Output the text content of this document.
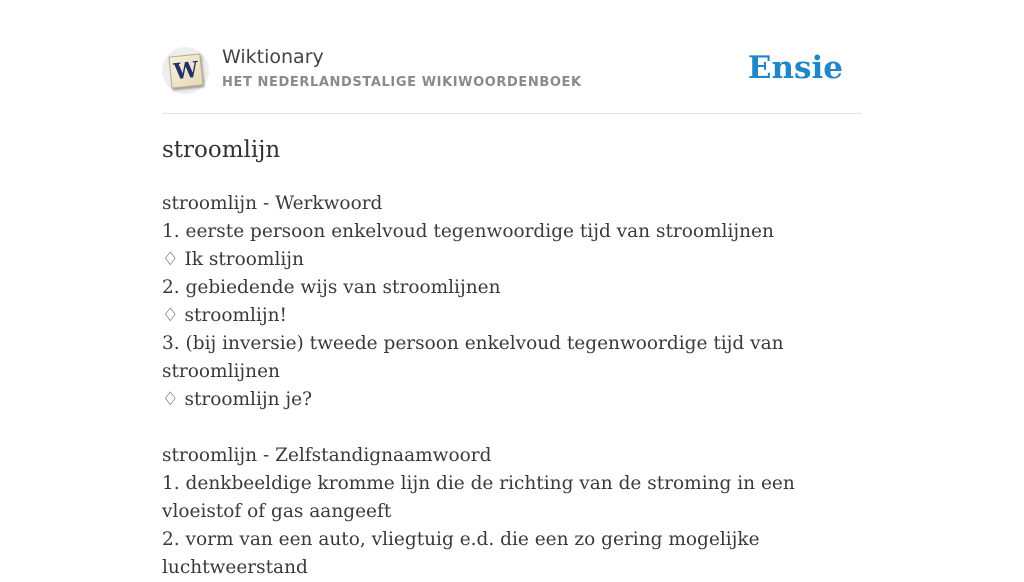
W Wiktionary
HET NEDERLANDSTALIGE WIKIWOORDENBOEK	Ensie
stroomlijn
stroomlijn - Werkwoord
1. eerste persoon enkelvoud tegenwoordige tijd van stroomlijnen
♢ Ik stroomlijn
2. gebiedende wijs van stroomlijnen
♢ stroomlijn!
3. (bij inversie) tweede persoon enkelvoud tegenwoordige tijd van stroomlijnen
♢ stroomlijn je?
stroomlijn - Zelfstandignaamwoord
1. denkbeeldige kromme lijn die de richting van de stroming in een vloeistof of gas aangeeft
2. vorm van een auto, vliegtuig e.d. die een zo gering mogelijke luchtweerstand
